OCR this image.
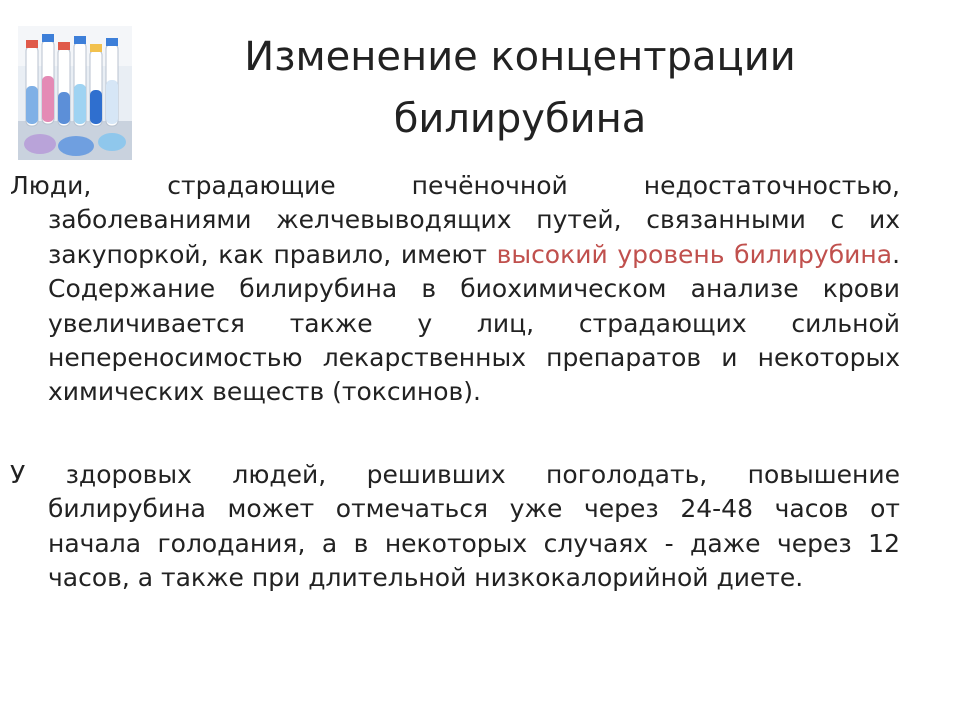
Изменение концентрации
билирубина

Люди, страдающие печёночной недостаточностью, заболеваниями желчевыводящих путей, связанными с их закупоркой, как правило, имеют высокий уровень билирубина. Содержание билирубина в биохимическом анализе крови увеличивается также у лиц, страдающих сильной непереносимостью лекарственных препаратов и некоторых химических веществ (токсинов).

У здоровых людей, решивших поголодать, повышение билирубина может отмечаться уже через 24-48 часов от начала голодания, а в некоторых случаях - даже через 12 часов, а также при длительной низкокалорийной диете.
